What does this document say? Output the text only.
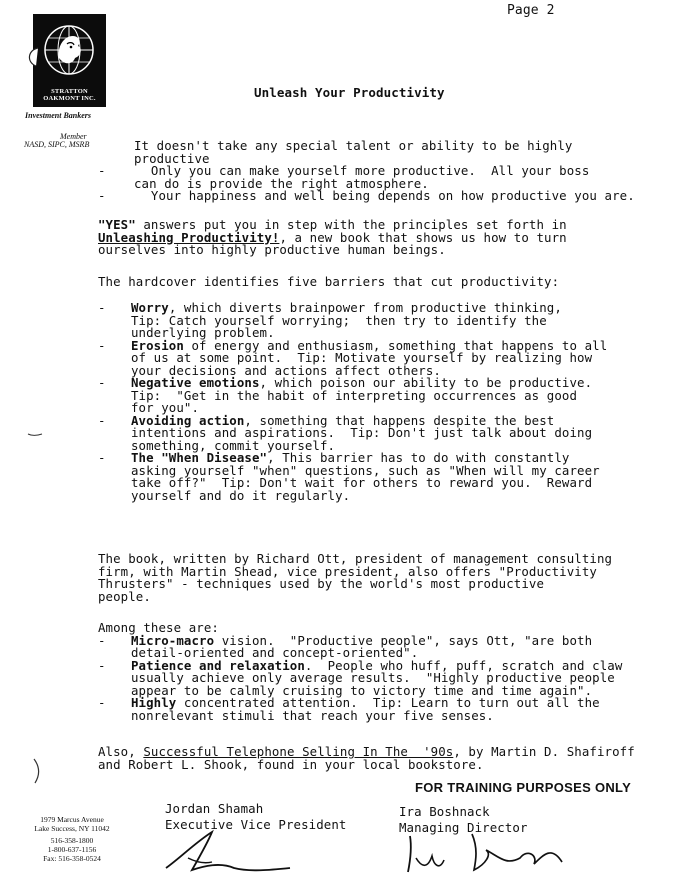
Page 2
STRATTON
OAKMONT INC.
Investment Bankers
Member
NASD, SIPC, MSRB
Unleash Your Productivity
It doesn't take any special talent or ability to be highly
productive
-      Only you can make yourself more productive.  All your boss
can do is provide the right atmosphere.
-      Your happiness and well being depends on how productive you are.
"YES" answers put you in step with the principles set forth in
Unleashing Productivity!, a new book that shows us how to turn
ourselves into highly productive human beings.
The hardcover identifies five barriers that cut productivity:
- Worry, which diverts brainpower from productive thinking,
Tip: Catch yourself worrying;  then try to identify the
underlying problem.
- Erosion of energy and enthusiasm, something that happens to all
of us at some point.  Tip: Motivate yourself by realizing how
your decisions and actions affect others.
- Negative emotions, which poison our ability to be productive.
Tip:  "Get in the habit of interpreting occurrences as good
for you".
- Avoiding action, something that happens despite the best
intentions and aspirations.  Tip: Don't just talk about doing
something, commit yourself.
- The "When Disease", This barrier has to do with constantly
asking yourself "when" questions, such as "When will my career
take off?"  Tip: Don't wait for others to reward you.  Reward
yourself and do it regularly.
The book, written by Richard Ott, president of management consulting
firm, with Martin Shead, vice president, also offers "Productivity
Thrusters" - techniques used by the world's most productive
people.
Among these are:
- Micro-macro vision.  "Productive people", says Ott, "are both
detail-oriented and concept-oriented".
- Patience and relaxation.  People who huff, puff, scratch and claw
usually achieve only average results.  "Highly productive people
appear to be calmly cruising to victory time and time again".
- Highly concentrated attention.  Tip: Learn to turn out all the
nonrelevant stimuli that reach your five senses.
Also, Successful Telephone Selling In The  '90s, by Martin D. Shafiroff
and Robert L. Shook, found in your local bookstore.
FOR TRAINING PURPOSES ONLY
Jordan Shamah
Executive Vice President
Ira Boshnack
Managing Director
1979 Marcus Avenue
Lake Success, NY 11042
516-358-1800
1-800-637-1156
Fax: 516-358-0524
